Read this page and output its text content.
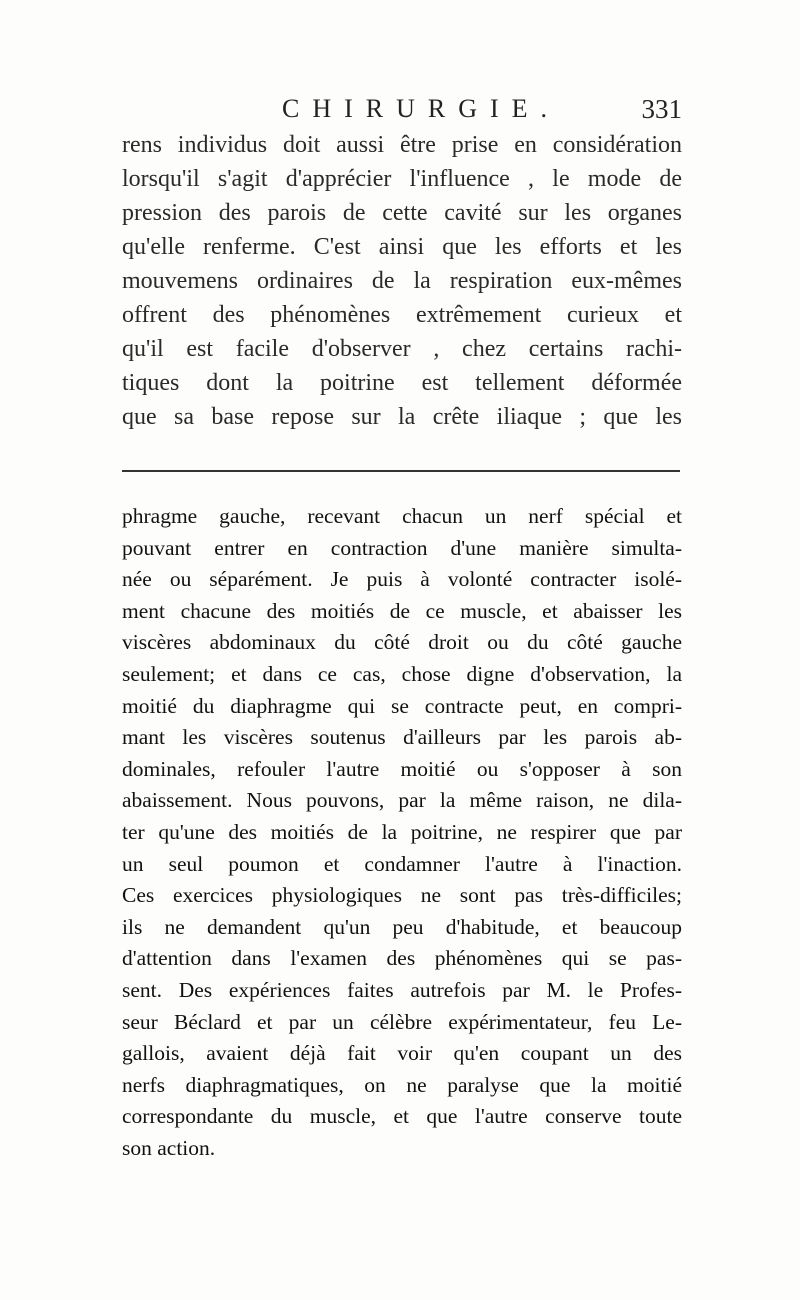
CHIRURGIE.	331
rens individus doit aussi être prise en considération
lorsqu'il s'agit d'apprécier l'influence , le mode de
pression des parois de cette cavité sur les organes
qu'elle renferme. C'est ainsi que les efforts et les
mouvemens ordinaires de la respiration eux-mêmes
offrent des phénomènes extrêmement curieux et
qu'il est facile d'observer , chez certains rachi-
tiques dont la poitrine est tellement déformée
que sa base repose sur la crête iliaque ; que les
phragme gauche, recevant chacun un nerf spécial et
pouvant entrer en contraction d'une manière simulta-
née ou séparément. Je puis à volonté contracter isolé-
ment chacune des moitiés de ce muscle, et abaisser les
viscères abdominaux du côté droit ou du côté gauche
seulement; et dans ce cas, chose digne d'observation, la
moitié du diaphragme qui se contracte peut, en compri-
mant les viscères soutenus d'ailleurs par les parois ab-
dominales, refouler l'autre moitié ou s'opposer à son
abaissement. Nous pouvons, par la même raison, ne dila-
ter qu'une des moitiés de la poitrine, ne respirer que par
un seul poumon et condamner l'autre à l'inaction.
Ces exercices physiologiques ne sont pas très-difficiles;
ils ne demandent qu'un peu d'habitude, et beaucoup
d'attention dans l'examen des phénomènes qui se pas-
sent. Des expériences faites autrefois par M. le Profes-
seur Béclard et par un célèbre expérimentateur, feu Le-
gallois, avaient déjà fait voir qu'en coupant un des
nerfs diaphragmatiques, on ne paralyse que la moitié
correspondante du muscle, et que l'autre conserve toute
son action.
